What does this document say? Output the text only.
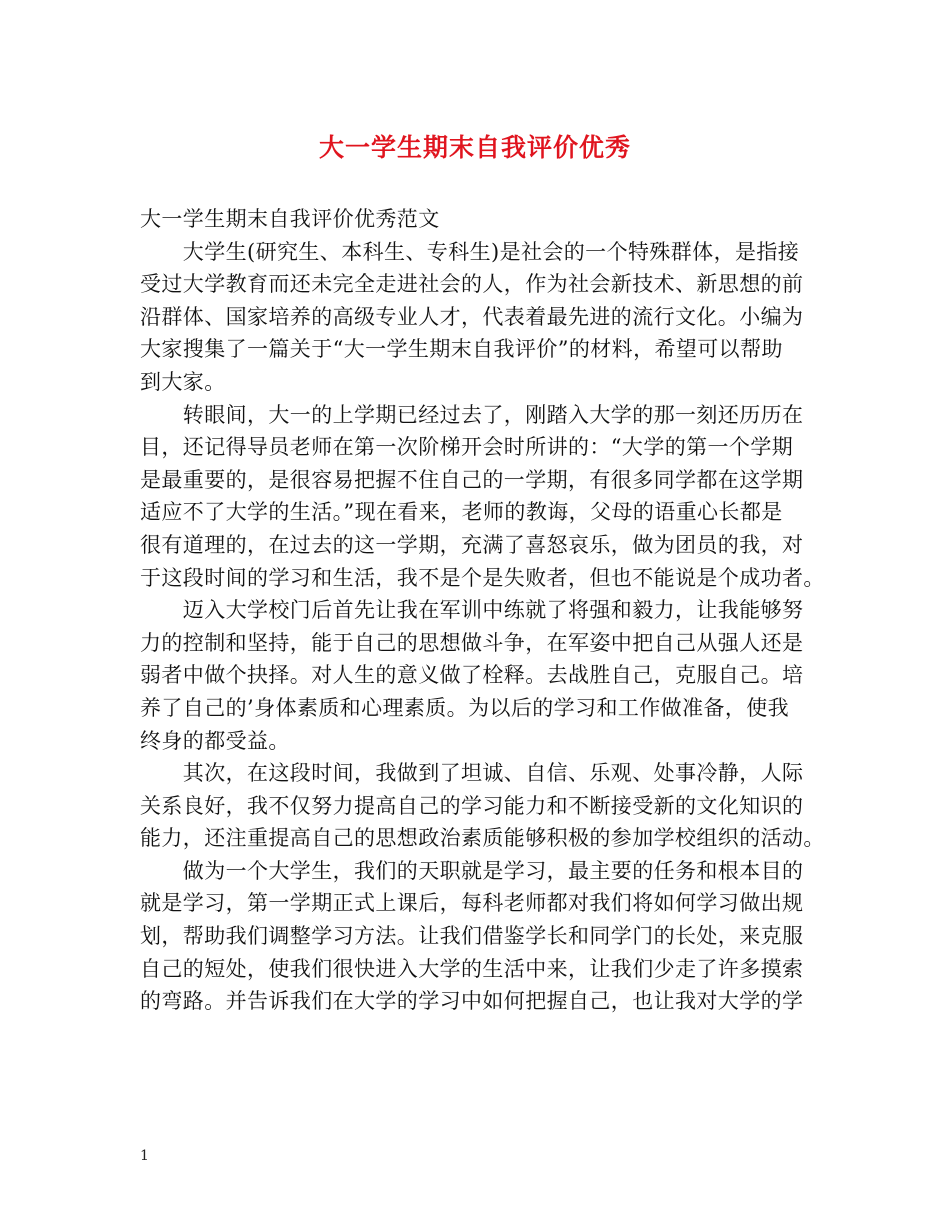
大一学生期末自我评价优秀
大一学生期末自我评价优秀范文
　　大学生(研究生、本科生、专科生)是社会的一个特殊群体，是指接
受过大学教育而还未完全走进社会的人，作为社会新技术、新思想的前
沿群体、国家培养的高级专业人才，代表着最先进的流行文化。小编为
大家搜集了一篇关于“大一学生期末自我评价”的材料，希望可以帮助
到大家。
　　转眼间，大一的上学期已经过去了，刚踏入大学的那一刻还历历在
目，还记得导员老师在第一次阶梯开会时所讲的：“大学的第一个学期
是最重要的，是很容易把握不住自己的一学期，有很多同学都在这学期
适应不了大学的生活。”现在看来，老师的教诲，父母的语重心长都是
很有道理的，在过去的这一学期，充满了喜怒哀乐，做为团员的我，对
于这段时间的学习和生活，我不是个是失败者，但也不能说是个成功者。
　　迈入大学校门后首先让我在军训中练就了将强和毅力，让我能够努
力的控制和坚持，能于自己的思想做斗争，在军姿中把自己从强人还是
弱者中做个抉择。对人生的意义做了栓释。去战胜自己，克服自己。培
养了自己的’身体素质和心理素质。为以后的学习和工作做准备，使我
终身的都受益。
　　其次，在这段时间，我做到了坦诚、自信、乐观、处事冷静，人际
关系良好，我不仅努力提高自己的学习能力和不断接受新的文化知识的
能力，还注重提高自己的思想政治素质能够积极的参加学校组织的活动。
　　做为一个大学生，我们的天职就是学习，最主要的任务和根本目的
就是学习，第一学期正式上课后，每科老师都对我们将如何学习做出规
划，帮助我们调整学习方法。让我们借鉴学长和同学门的长处，来克服
自己的短处，使我们很快进入大学的生活中来，让我们少走了许多摸索
的弯路。并告诉我们在大学的学习中如何把握自己，也让我对大学的学
1
